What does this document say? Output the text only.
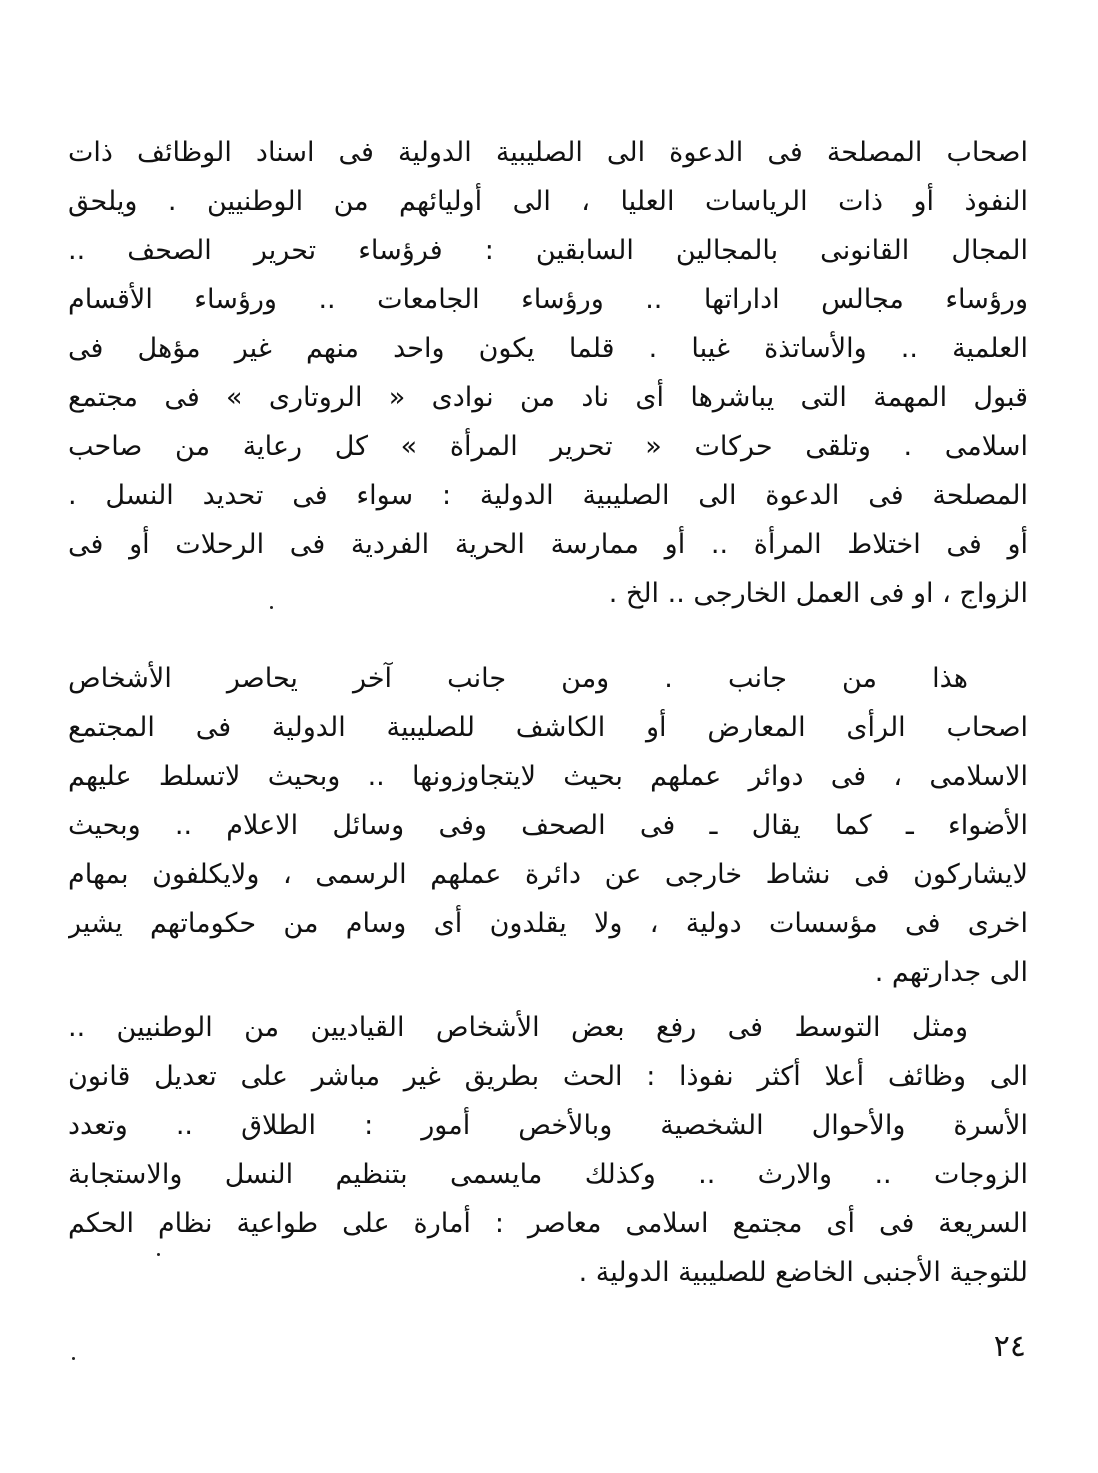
اصحاب المصلحة فى الدعوة الى الصليبية الدولية فى اسناد الوظائف ذات
النفوذ أو ذات الرياسات العليا ، الى أوليائهم من الوطنيين . ويلحق
المجال القانونى بالمجالين السابقين : فرؤساء تحرير الصحف ..
ورؤساء مجالس اداراتها .. ورؤساء الجامعات .. ورؤساء الأقسام
العلمية .. والأساتذة غيبا . قلما يكون واحد منهم غير مؤهل فى
قبول المهمة التى يباشرها أى ناد من نوادى « الروتارى » فى مجتمع
اسلامى . وتلقى حركات « تحرير المرأة » كل رعاية من صاحب
المصلحة فى الدعوة الى الصليبية الدولية : سواء فى تحديد النسل .
أو فى اختلاط المرأة .. أو ممارسة الحرية الفردية فى الرحلات أو فى
الزواج ، او فى العمل الخارجى .. الخ .
هذا من جانب . ومن جانب آخر يحاصر الأشخاص
اصحاب الرأى المعارض أو الكاشف للصليبية الدولية فى المجتمع
الاسلامى ، فى دوائر عملهم بحيث لايتجاوزونها .. وبحيث لاتسلط عليهم
الأضواء ـ كما يقال ـ فى الصحف وفى وسائل الاعلام .. وبحيث
لايشاركون فى نشاط خارجى عن دائرة عملهم الرسمى ، ولايكلفون بمهام
اخرى فى مؤسسات دولية ، ولا يقلدون أى وسام من حكوماتهم يشير
الى جدارتهم .
ومثل التوسط فى رفع بعض الأشخاص القياديين من الوطنيين ..
الى وظائف أعلا أكثر نفوذا : الحث بطريق غير مباشر على تعديل قانون
الأسرة والأحوال الشخصية وبالأخص أمور : الطلاق .. وتعدد
الزوجات .. والارث .. وكذلك مايسمى بتنظيم النسل والاستجابة
السريعة فى أى مجتمع اسلامى معاصر : أمارة على طواعية نظام الحكم
للتوجية الأجنبى الخاضع للصليبية الدولية .
٢٤
